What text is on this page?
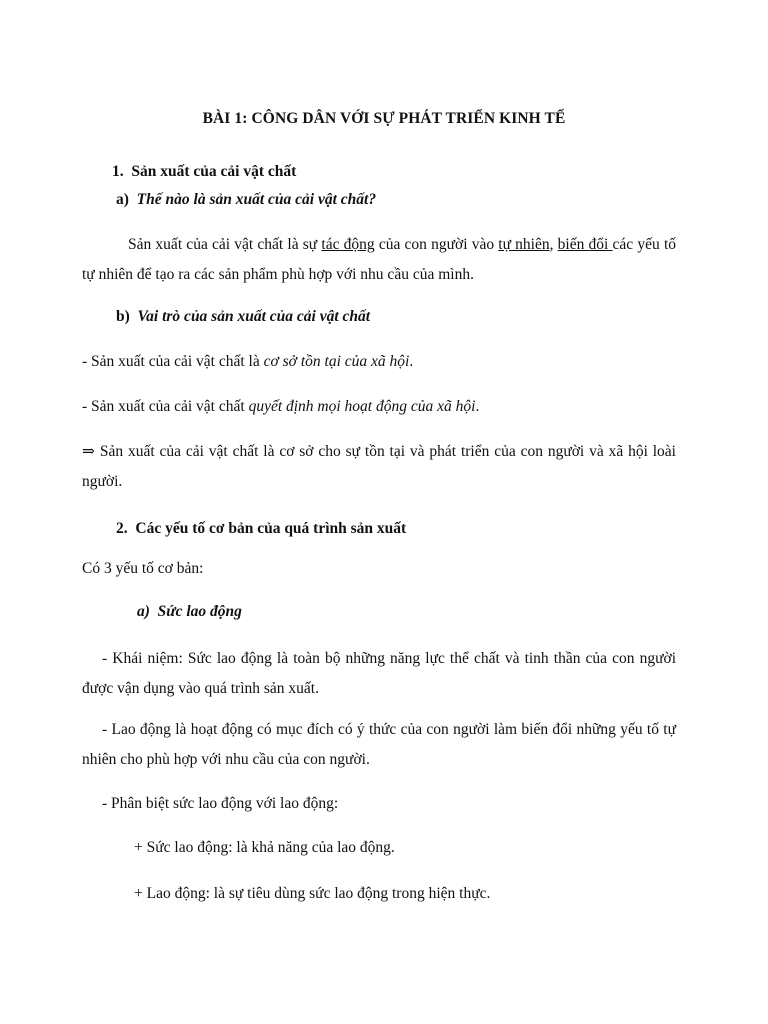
BÀI 1: CÔNG DÂN VỚI SỰ PHÁT TRIỂN KINH TẾ
1. Sản xuất của cải vật chất
a) Thế nào là sản xuất của cải vật chất?

Sản xuất của cải vật chất là sự tác động của con người vào tự nhiên, biến đổi các yếu tố tự nhiên để tạo ra các sản phẩm phù hợp với nhu cầu của mình.

b) Vai trò của sản xuất của cải vật chất

- Sản xuất của cải vật chất là cơ sở tồn tại của xã hội.

- Sản xuất của cải vật chất quyết định mọi hoạt động của xã hội.

⇒ Sản xuất của cải vật chất là cơ sở cho sự tồn tại và phát triển của con người và xã hội loài người.

2. Các yếu tố cơ bản của quá trình sản xuất

Có 3 yếu tố cơ bản:

a) Sức lao động

- Khái niệm: Sức lao động là toàn bộ những năng lực thể chất và tinh thần của con người được vận dụng vào quá trình sản xuất.

- Lao động là hoạt động có mục đích có ý thức của con người làm biến đổi những yếu tố tự nhiên cho phù hợp với nhu cầu của con người.

- Phân biệt sức lao động với lao động:

+ Sức lao động: là khả năng của lao động.

+ Lao động: là sự tiêu dùng sức lao động trong hiện thực.
